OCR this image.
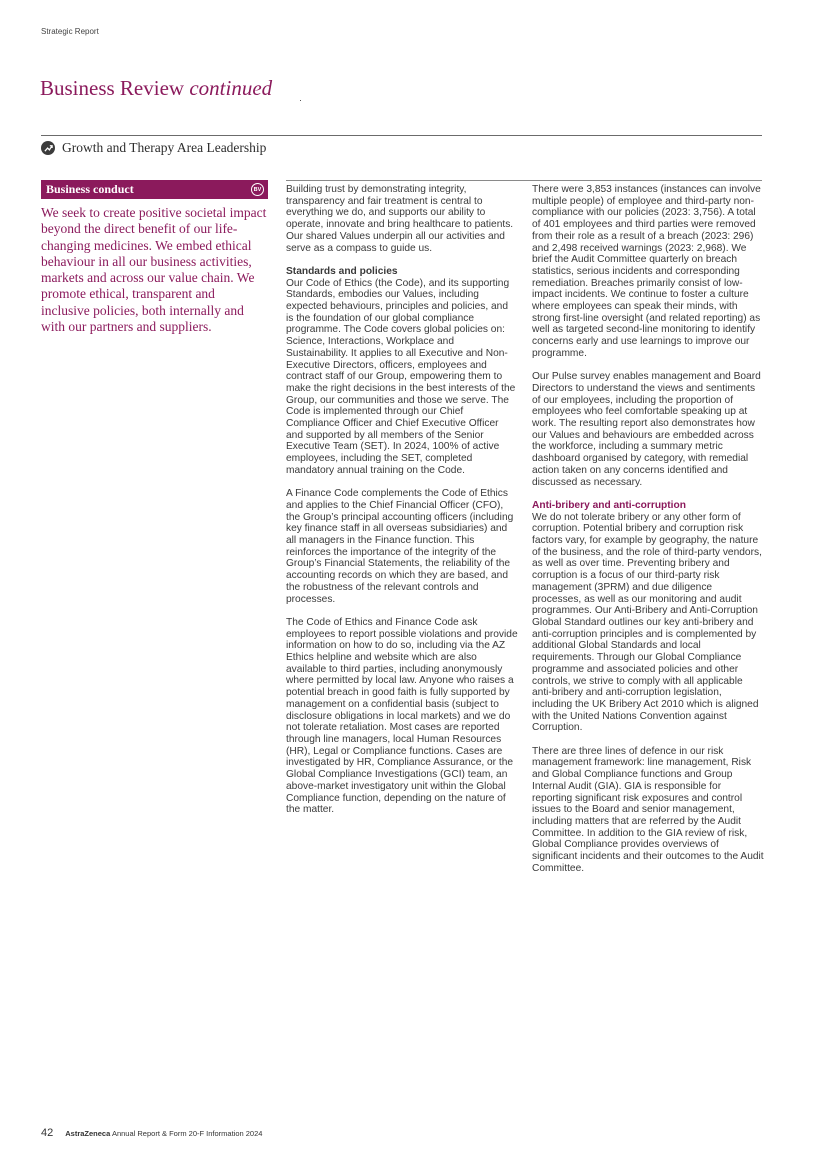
Strategic Report
Business Review continued
Growth and Therapy Area Leadership
Business conduct	BV

We seek to create positive societal impact beyond the direct benefit of our life-changing medicines. We embed ethical behaviour in all our business activities, markets and across our value chain. We promote ethical, transparent and inclusive policies, both internally and with our partners and suppliers.

Building trust by demonstrating integrity, transparency and fair treatment is central to everything we do, and supports our ability to operate, innovate and bring healthcare to patients. Our shared Values underpin all our activities and serve as a compass to guide us.

Standards and policies

Our Code of Ethics (the Code), and its supporting Standards, embodies our Values, including expected behaviours, principles and policies, and is the foundation of our global compliance programme. The Code covers global policies on: Science, Interactions, Workplace and Sustainability. It applies to all Executive and Non-Executive Directors, officers, employees and contract staff of our Group, empowering them to make the right decisions in the best interests of the Group, our communities and those we serve. The Code is implemented through our Chief Compliance Officer and Chief Executive Officer and supported by all members of the Senior Executive Team (SET). In 2024, 100% of active employees, including the SET, completed mandatory annual training on the Code.

A Finance Code complements the Code of Ethics and applies to the Chief Financial Officer (CFO), the Group’s principal accounting officers (including key finance staff in all overseas subsidiaries) and all managers in the Finance function. This reinforces the importance of the integrity of the Group’s Financial Statements, the reliability of the accounting records on which they are based, and the robustness of the relevant controls and processes.

The Code of Ethics and Finance Code ask employees to report possible violations and provide information on how to do so, including via the AZ Ethics helpline and website which are also available to third parties, including anonymously where permitted by local law. Anyone who raises a potential breach in good faith is fully supported by management on a confidential basis (subject to disclosure obligations in local markets) and we do not tolerate retaliation. Most cases are reported through line managers, local Human Resources (HR), Legal or Compliance functions. Cases are investigated by HR, Compliance Assurance, or the Global Compliance Investigations (GCI) team, an above-market investigatory unit within the Global Compliance function, depending on the nature of the matter.

There were 3,853 instances (instances can involve multiple people) of employee and third-party non-compliance with our policies (2023: 3,756). A total of 401 employees and third parties were removed from their role as a result of a breach (2023: 296) and 2,498 received warnings (2023: 2,968). We brief the Audit Committee quarterly on breach statistics, serious incidents and corresponding remediation. Breaches primarily consist of low-impact incidents. We continue to foster a culture where employees can speak their minds, with strong first-line oversight (and related reporting) as well as targeted second-line monitoring to identify concerns early and use learnings to improve our programme.

Our Pulse survey enables management and Board Directors to understand the views and sentiments of our employees, including the proportion of employees who feel comfortable speaking up at work. The resulting report also demonstrates how our Values and behaviours are embedded across the workforce, including a summary metric dashboard organised by category, with remedial action taken on any concerns identified and discussed as necessary.

Anti-bribery and anti-corruption

We do not tolerate bribery or any other form of corruption. Potential bribery and corruption risk factors vary, for example by geography, the nature of the business, and the role of third-party vendors, as well as over time. Preventing bribery and corruption is a focus of our third-party risk management (3PRM) and due diligence processes, as well as our monitoring and audit programmes. Our Anti-Bribery and Anti-Corruption Global Standard outlines our key anti-bribery and anti-corruption principles and is complemented by additional Global Standards and local requirements. Through our Global Compliance programme and associated policies and other controls, we strive to comply with all applicable anti-bribery and anti-corruption legislation, including the UK Bribery Act 2010 which is aligned with the United Nations Convention against Corruption.

There are three lines of defence in our risk management framework: line management, Risk and Global Compliance functions and Group Internal Audit (GIA). GIA is responsible for reporting significant risk exposures and control issues to the Board and senior management, including matters that are referred by the Audit Committee. In addition to the GIA review of risk, Global Compliance provides overviews of significant incidents and their outcomes to the Audit Committee.

42 AstraZeneca Annual Report & Form 20-F Information 2024
